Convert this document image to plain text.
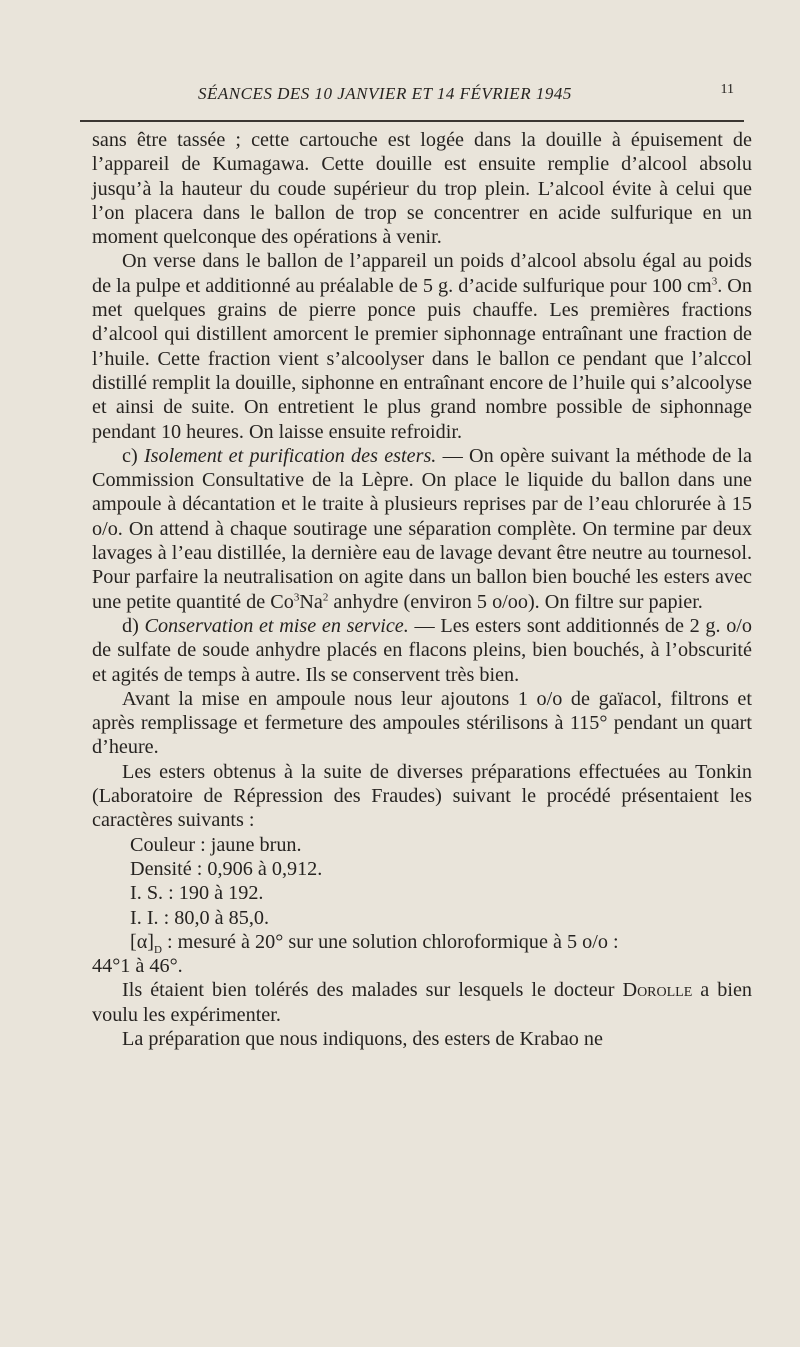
SÉANCES DES 10 JANVIER ET 14 FÉVRIER 1945	11

sans être tassée ; cette cartouche est logée dans la douille à épuisement de l’appareil de Kumagawa. Cette douille est ensuite remplie d’alcool absolu jusqu’à la hauteur du coude supérieur du trop plein. L’alcool évite à celui que l’on placera dans le ballon de trop se concentrer en acide sulfurique en un moment quelconque des opérations à venir.

On verse dans le ballon de l’appareil un poids d’alcool absolu égal au poids de la pulpe et additionné au préalable de 5 g. d’acide sulfurique pour 100 $cm^3$. On met quelques grains de pierre ponce puis chauffe. Les premières fractions d’alcool qui distillent amorcent le premier siphonnage entraînant une fraction de l’huile. Cette fraction vient s’alcoolyser dans le ballon ce pendant que l’alccol distillé remplit la douille, siphonne en entraînant encore de l’huile qui s’alcoolyse et ainsi de suite. On entretient le plus grand nombre possible de siphonnage pendant 10 heures. On laisse ensuite refroidir.

c) Isolement et purification des esters. — On opère suivant la méthode de la Commission Consultative de la Lèpre. On place le liquide du ballon dans une ampoule à décantation et le traite à plusieurs reprises par de l’eau chlorurée à 15 o/o. On attend à chaque soutirage une séparation complète. On termine par deux lavages à l’eau distillée, la dernière eau de lavage devant être neutre au tournesol. Pour parfaire la neutralisation on agite dans un ballon bien bouché les esters avec une petite quantité de Co$^3$Na$^2$ anhydre (environ 5 o/oo). On filtre sur papier.

d) Conservation et mise en service. — Les esters sont additionnés de 2 g. o/o de sulfate de soude anhydre placés en flacons pleins, bien bouchés, à l’obscurité et agités de temps à autre. Ils se conservent très bien.

Avant la mise en ampoule nous leur ajoutons 1 o/o de gaïacol, filtrons et après remplissage et fermeture des ampoules stérilisons à 115° pendant un quart d’heure.

Les esters obtenus à la suite de diverses préparations effectuées au Tonkin (Laboratoire de Répression des Fraudes) suivant le procédé présentaient les caractères suivants :

Couleur : jaune brun.

Densité : 0,906 à 0,912.

I. S. : 190 à 192.

I. I. : 80,0 à 85,0.

$[\alpha]_D$ : mesuré à 20° sur une solution chloroformique à 5 o/o :

44°1 à 46°.

Ils étaient bien tolérés des malades sur lesquels le docteur Dorolle a bien voulu les expérimenter.

La préparation que nous indiquons, des esters de Krabao ne
